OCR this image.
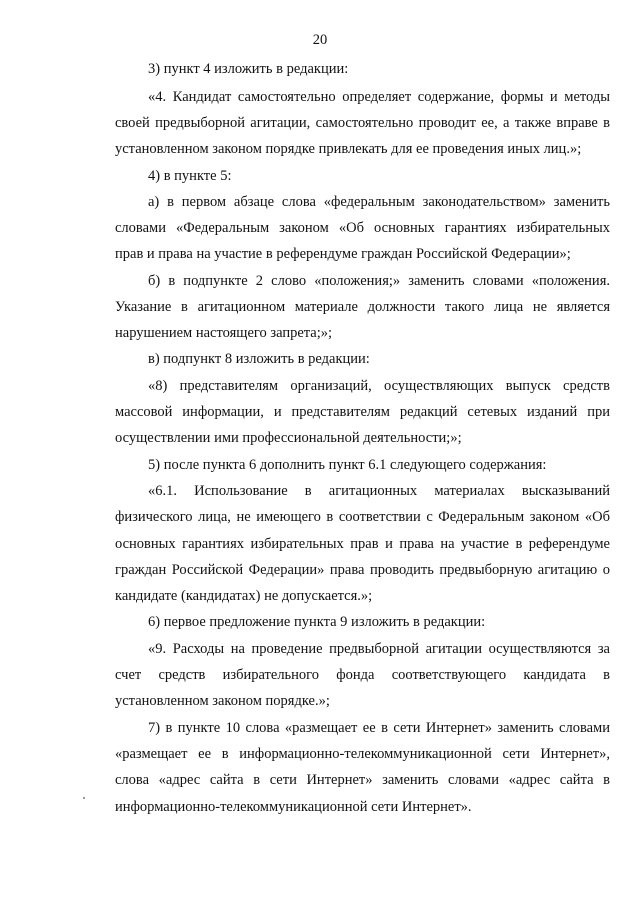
20

3) пункт 4 изложить в редакции:

«4. Кандидат самостоятельно определяет содержание, формы и методы

своей предвыборной агитации, самостоятельно проводит ее, а также вправе в

установленном законом порядке привлекать для ее проведения иных лиц.»;

4) в пункте 5:

а) в первом абзаце слова «федеральным законодательством» заменить

словами «Федеральным законом «Об основных гарантиях избирательных

прав и права на участие в референдуме граждан Российской Федерации»;

б) в подпункте 2 слово «положения;» заменить словами «положения.

Указание в агитационном материале должности такого лица не является

нарушением настоящего запрета;»;

в) подпункт 8 изложить в редакции:

«8) представителям организаций, осуществляющих выпуск средств

массовой информации, и представителям редакций сетевых изданий при

осуществлении ими профессиональной деятельности;»;

5) после пункта 6 дополнить пункт 6.1 следующего содержания:

«6.1. Использование в агитационных материалах высказываний

физического лица, не имеющего в соответствии с Федеральным законом «Об

основных гарантиях избирательных прав и права на участие в референдуме

граждан Российской Федерации» права проводить предвыборную агитацию о

кандидате (кандидатах) не допускается.»;

6) первое предложение пункта 9 изложить в редакции:

«9. Расходы на проведение предвыборной агитации осуществляются за

счет средств избирательного фонда соответствующего кандидата в

установленном законом порядке.»;

7) в пункте 10 слова «размещает ее в сети Интернет» заменить словами

«размещает ее в информационно-телекоммуникационной сети Интернет»,

слова «адрес сайта в сети Интернет» заменить словами «адрес сайта в

информационно-телекоммуникационной сети Интернет».
